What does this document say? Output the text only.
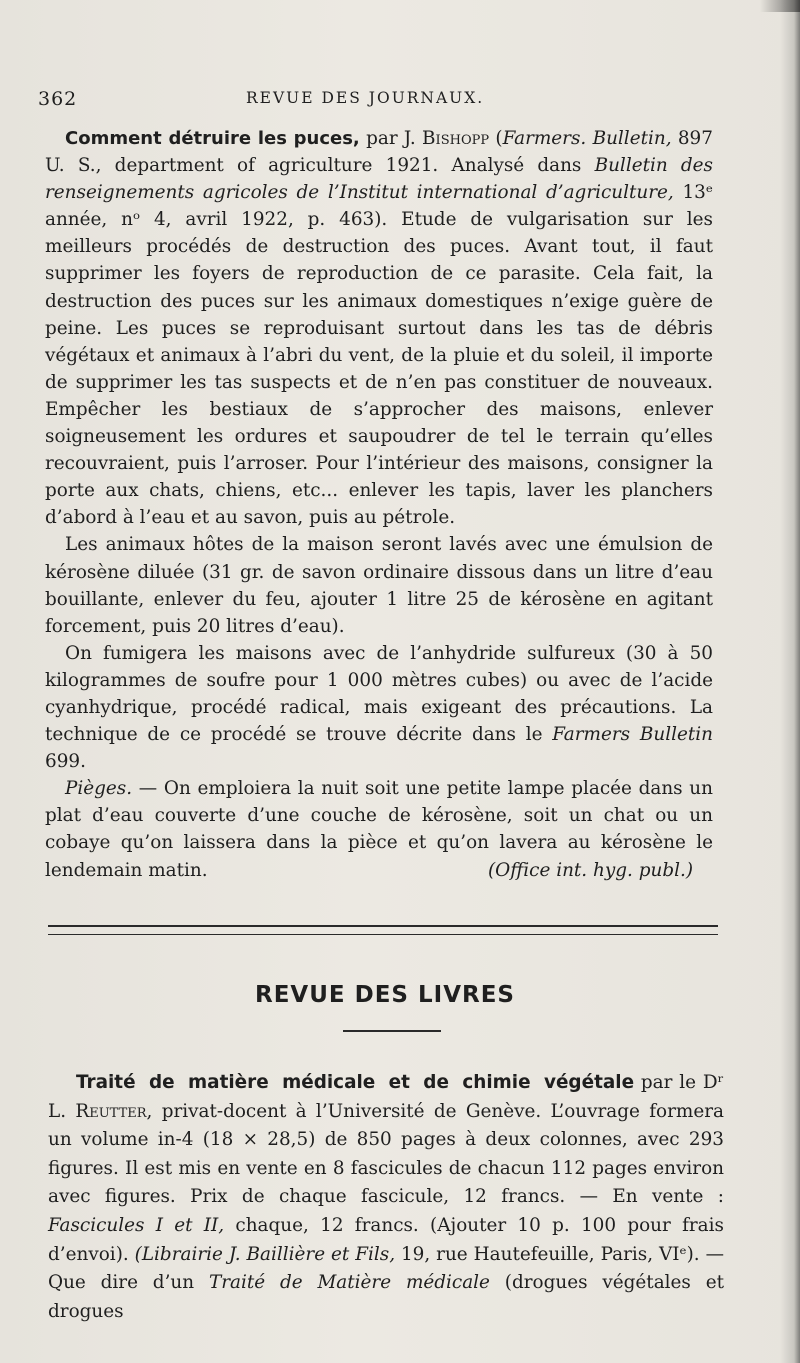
362	REVUE DES JOURNAUX.

Comment détruire les puces, par J. Bishopp (Farmers. Bulletin, 897 U. S., department of agriculture 1921. Analysé dans Bulletin des renseignements agricoles de l’Institut international d’agriculture, 13ᵉ année, nᵒ 4, avril 1922, p. 463). Etude de vulgarisation sur les meilleurs procédés de destruction des puces. Avant tout, il faut supprimer les foyers de reproduction de ce parasite. Cela fait, la destruction des puces sur les animaux domestiques n’exige guère de peine. Les puces se reproduisant surtout dans les tas de débris végétaux et animaux à l’abri du vent, de la pluie et du soleil, il importe de supprimer les tas suspects et de n’en pas constituer de nouveaux. Empêcher les bestiaux de s’approcher des maisons, enlever soigneusement les ordures et saupoudrer de tel le terrain qu’elles recouvraient, puis l’arroser. Pour l’intérieur des maisons, consigner la porte aux chats, chiens, etc... enlever les tapis, laver les planchers d’abord à l’eau et au savon, puis au pétrole.

Les animaux hôtes de la maison seront lavés avec une émulsion de kérosène diluée (31 gr. de savon ordinaire dissous dans un litre d’eau bouillante, enlever du feu, ajouter 1 litre 25 de kérosène en agitant forcement, puis 20 litres d’eau).

On fumigera les maisons avec de l’anhydride sulfureux (30 à 50 kilogrammes de soufre pour 1 000 mètres cubes) ou avec de l’acide cyanhydrique, procédé radical, mais exigeant des précautions. La technique de ce procédé se trouve décrite dans le Farmers Bulletin 699.

Pièges. — On emploiera la nuit soit une petite lampe placée dans un plat d’eau couverte d’une couche de kérosène, soit un chat ou un cobaye qu’on laissera dans la pièce et qu’on lavera au kérosène le lendemain matin.	(Office int. hyg. publ.)
REVUE DES LIVRES

Traité de matière médicale et de chimie végétale par le Dʳ L. Reutter, privat-docent à l’Université de Genève. L’ouvrage formera un volume in-4 (18 × 28,5) de 850 pages à deux colonnes, avec 293 figures. Il est mis en vente en 8 fascicules de chacun 112 pages environ avec figures. Prix de chaque fascicule, 12 francs. — En vente : Fascicules I et II, chaque, 12 francs. (Ajouter 10 p. 100 pour frais d’envoi). (Librairie J. Baillière et Fils, 19, rue Hautefeuille, Paris, VIᵉ). — Que dire d’un Traité de Matière médicale (drogues végétales et drogues
